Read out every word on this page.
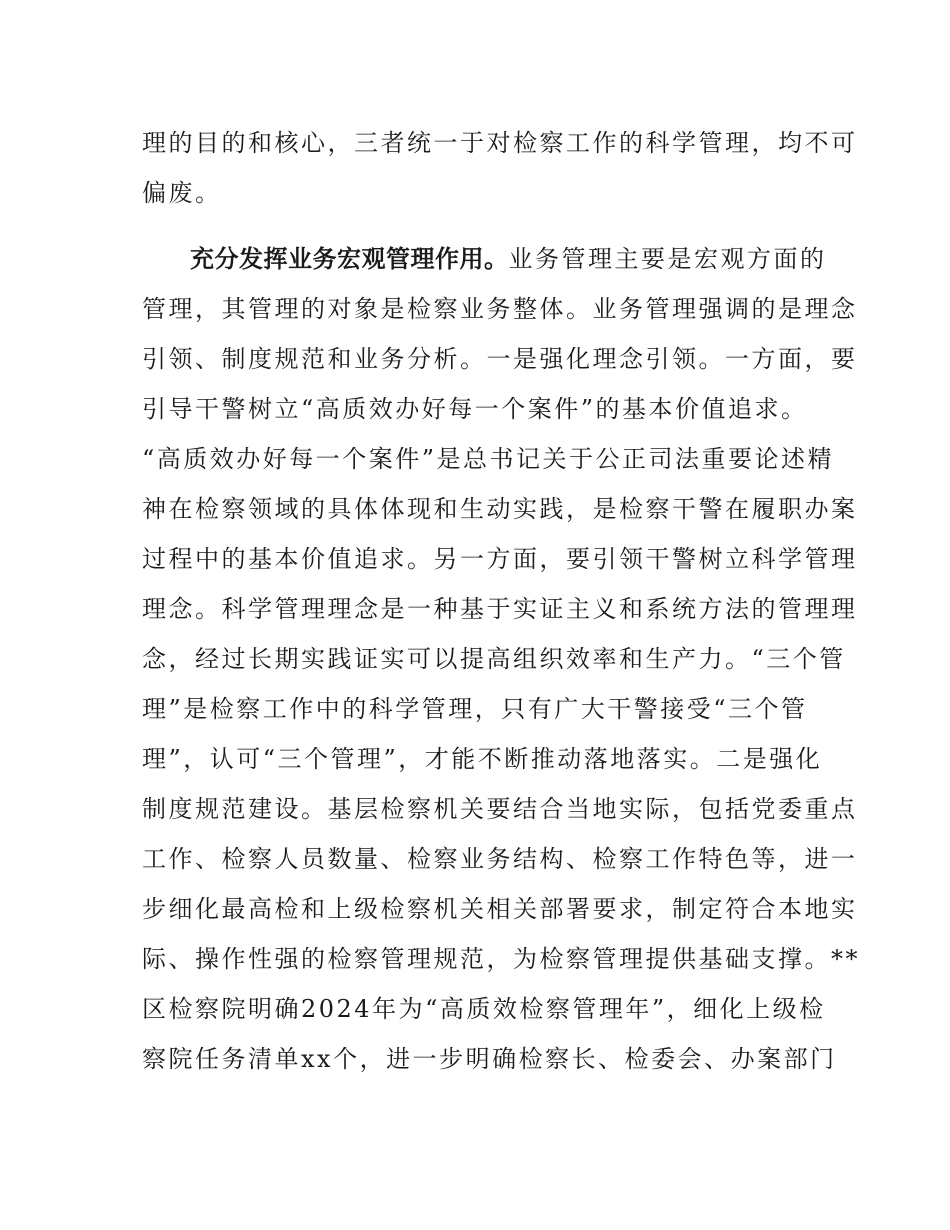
理的目的和核心，三者统一于对检察工作的科学管理，均不可
偏废。
充分发挥业务宏观管理作用。业务管理主要是宏观方面的
管理，其管理的对象是检察业务整体。业务管理强调的是理念
引领、制度规范和业务分析。一是强化理念引领。一方面，要
引导干警树立“高质效办好每一个案件”的基本价值追求。
“高质效办好每一个案件”是总书记关于公正司法重要论述精
神在检察领域的具体体现和生动实践，是检察干警在履职办案
过程中的基本价值追求。另一方面，要引领干警树立科学管理
理念。科学管理理念是一种基于实证主义和系统方法的管理理
念，经过长期实践证实可以提高组织效率和生产力。“三个管
理”是检察工作中的科学管理，只有广大干警接受“三个管
理”，认可“三个管理”，才能不断推动落地落实。二是强化
制度规范建设。基层检察机关要结合当地实际，包括党委重点
工作、检察人员数量、检察业务结构、检察工作特色等，进一
步细化最高检和上级检察机关相关部署要求，制定符合本地实
际、操作性强的检察管理规范，为检察管理提供基础支撑。**
区检察院明确2024年为“高质效检察管理年”，细化上级检
察院任务清单xx个，进一步明确检察长、检委会、办案部门
